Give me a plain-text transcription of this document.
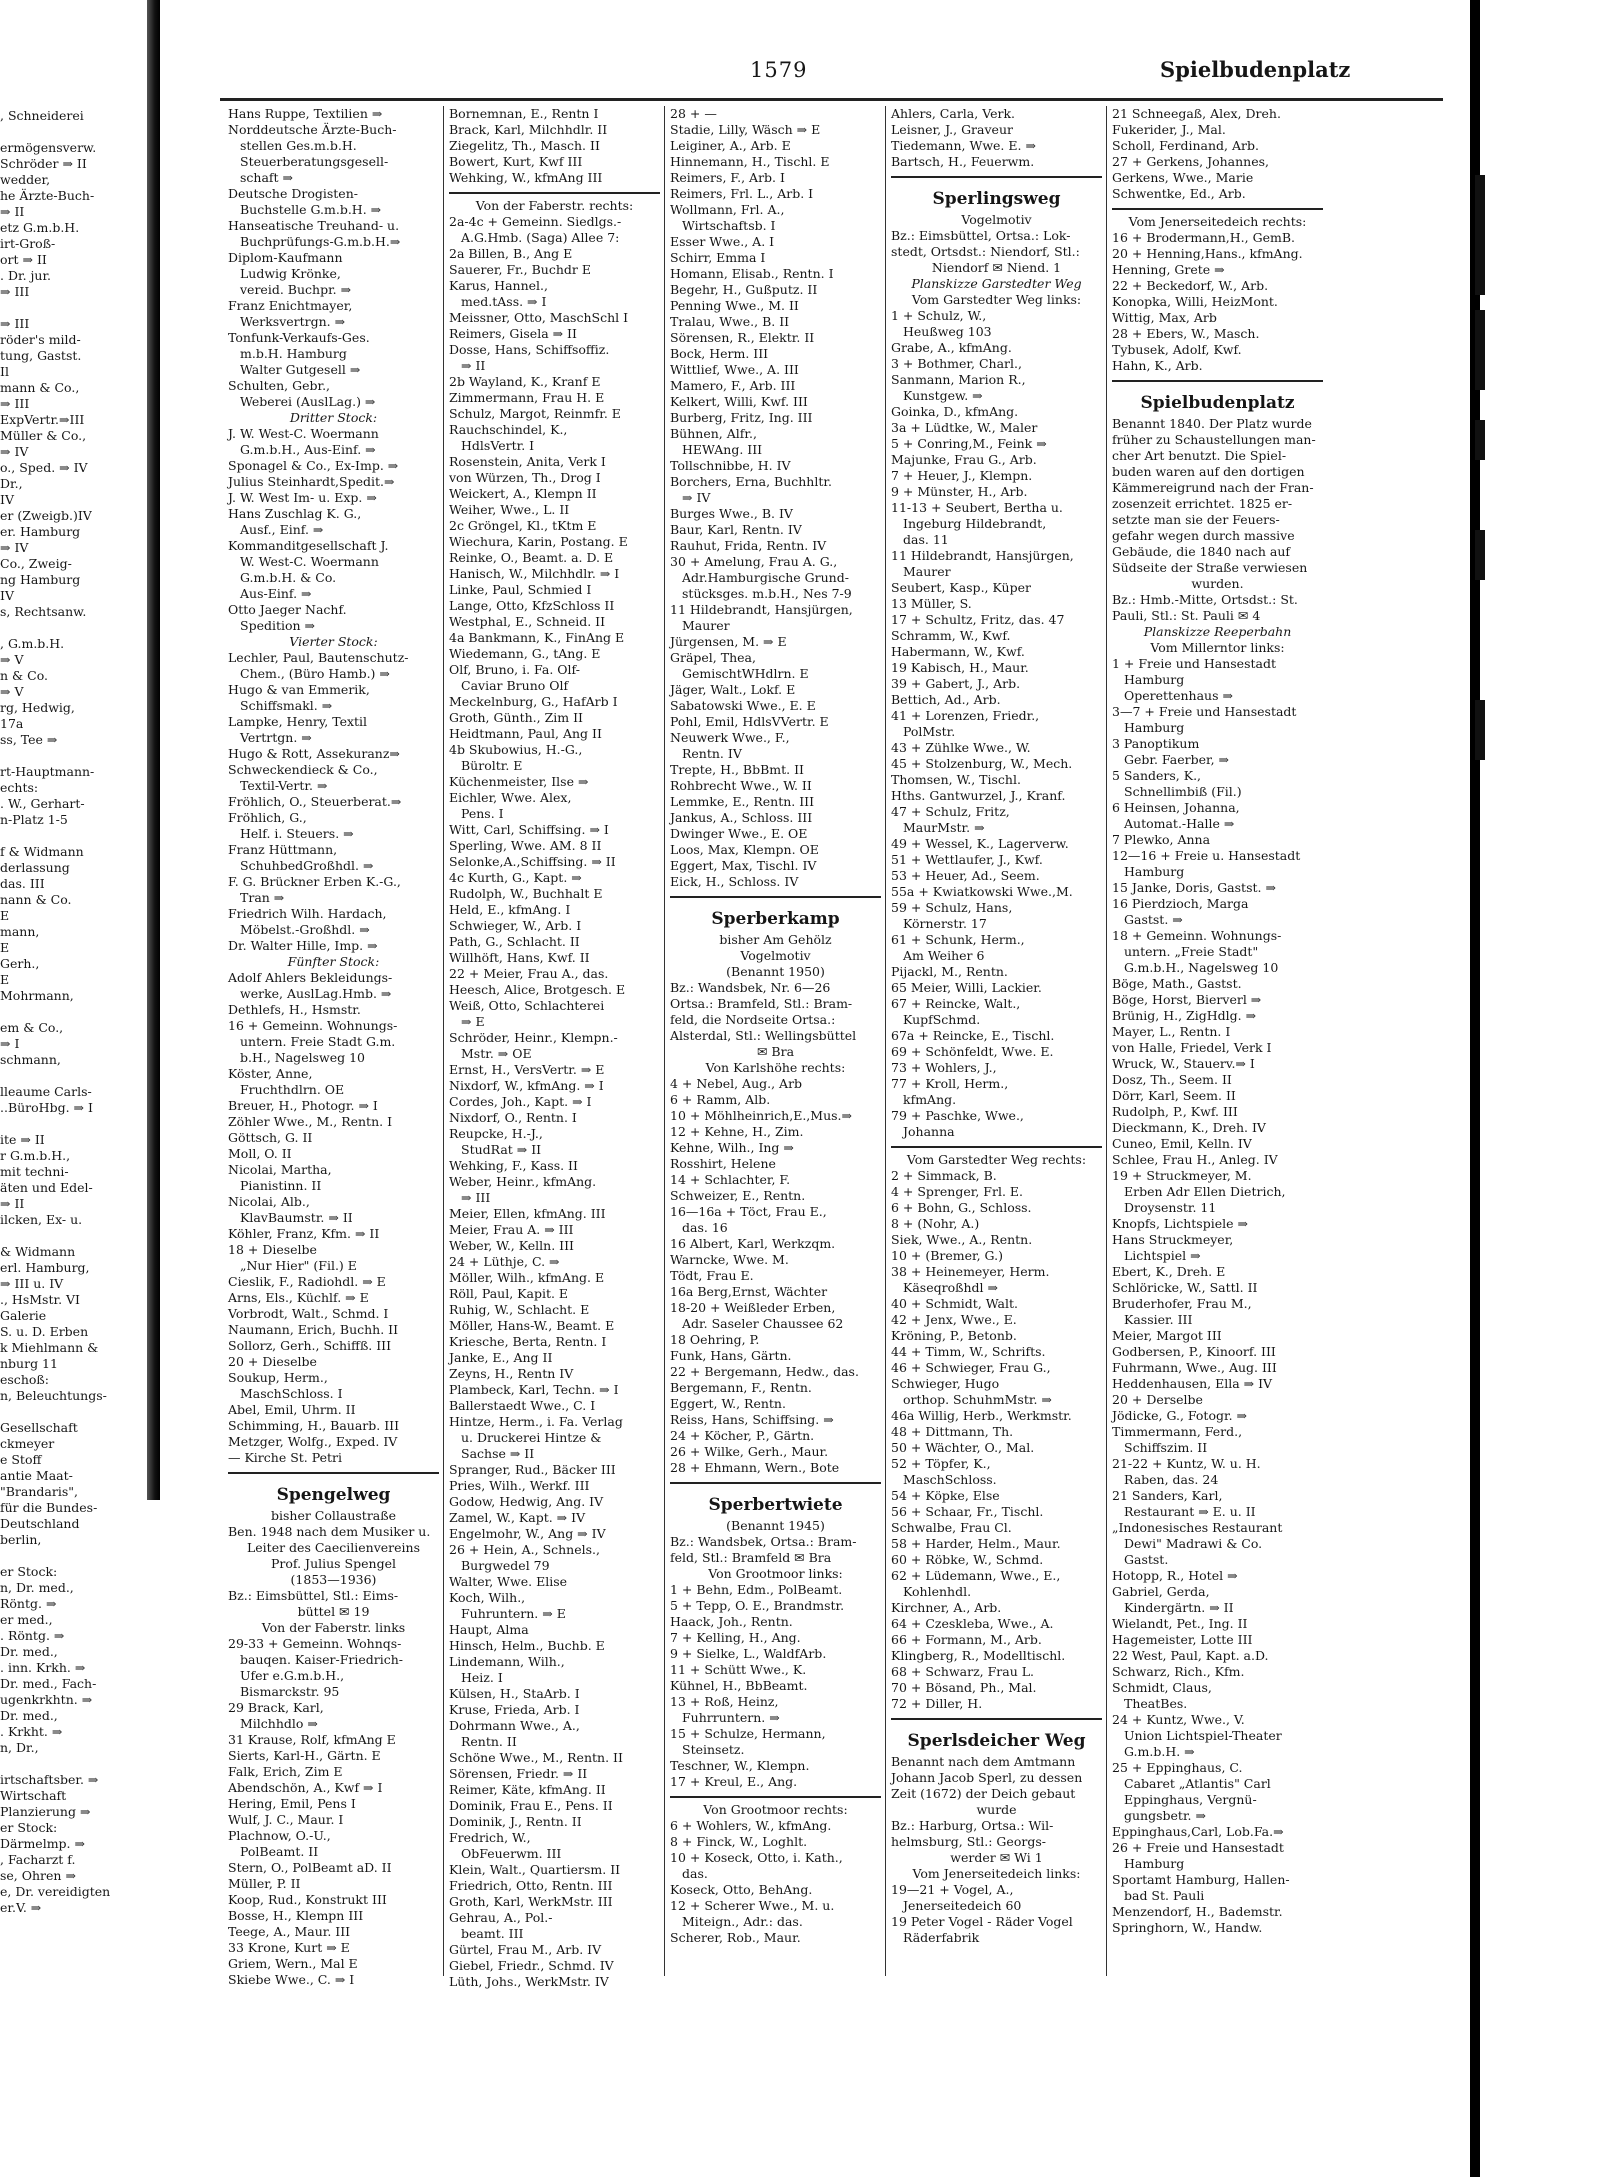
, Schneiderei
ermögensverw.
Schröder ⇒ II
wedder,
he Ärzte-Buch-
⇒ II
etz G.m.b.H.
irt-Groß-
ort ⇒ II
. Dr. jur.
⇒ III
⇒ III
röder's mild-
tung, Gastst.
Il
mann & Co.,
⇒ III
ExpVertr.⇒III
Müller & Co.,
⇒ IV
o., Sped. ⇒ IV
Dr.,
IV
er (Zweigb.)IV
er. Hamburg
⇒ IV
Co., Zweig-
ng Hamburg
IV
s, Rechtsanw.
, G.m.b.H.
⇒ V
n & Co.
⇒ V
rg, Hedwig,
17a
ss, Tee ⇒
rt-Hauptmann-
echts:
. W., Gerhart-
n-Platz 1-5
f & Widmann
derlassung
das. III
nann & Co.
E
mann,
E
Gerh.,
E
Mohrmann,
em & Co.,
⇒ I
schmann,
lleaume Carls-
..BüroHbg. ⇒ I
ite ⇒ II
r G.m.b.H.,
mit techni-
äten und Edel-
⇒ II
ilcken, Ex- u.
& Widmann
erl. Hamburg,
⇒ III u. IV
., HsMstr. VI
Galerie
S. u. D. Erben
k Miehlmann &
nburg 11
eschoß:
n, Beleuchtungs-
Gesellschaft
ckmeyer
e Stoff
antie Maat-
"Brandaris",
für die Bundes-
Deutschland
berlin,
er Stock:
n, Dr. med.,
Röntg. ⇒
er med.,
. Röntg. ⇒
Dr. med.,
. inn. Krkh. ⇒
Dr. med., Fach-
ugenkrkhtn. ⇒
Dr. med.,
. Krkht. ⇒
n, Dr.,
irtschaftsber. ⇒
Wirtschaft
Planzierung ⇒
er Stock:
Därmelmp. ⇒
, Facharzt f.
se, Ohren ⇒
e, Dr. vereidigten
er.V. ⇒
1579	Spielbudenplatz
Hans Ruppe, Textilien ⇒
Norddeutsche Ärzte-Buch-
stellen Ges.m.b.H.
Steuerberatungsgesell-
schaft ⇒
Deutsche Drogisten-
Buchstelle G.m.b.H. ⇒
Hanseatische Treuhand- u.
Buchprüfungs-G.m.b.H.⇒
Diplom-Kaufmann
Ludwig Krönke,
vereid. Buchpr. ⇒
Franz Enichtmayer,
Werksvertrgn. ⇒
Tonfunk-Verkaufs-Ges.
m.b.H. Hamburg
Walter Gutgesell ⇒
Schulten, Gebr.,
Weberei (AuslLag.) ⇒
Dritter Stock:
J. W. West-C. Woermann
G.m.b.H., Aus-Einf. ⇒
Sponagel & Co., Ex-Imp. ⇒
Julius Steinhardt,Spedit.⇒
J. W. West Im- u. Exp. ⇒
Hans Zuschlag K. G.,
Ausf., Einf. ⇒
Kommanditgesellschaft J.
W. West-C. Woermann
G.m.b.H. & Co.
Aus-Einf. ⇒
Otto Jaeger Nachf.
Spedition ⇒
Vierter Stock:
Lechler, Paul, Bautenschutz-
Chem., (Büro Hamb.) ⇒
Hugo & van Emmerik,
Schiffsmakl. ⇒
Lampke, Henry, Textil
Vertrtgn. ⇒
Hugo & Rott, Assekuranz⇒
Schweckendieck & Co.,
Textil-Vertr. ⇒
Fröhlich, O., Steuerberat.⇒
Fröhlich, G.,
Helf. i. Steuers. ⇒
Franz Hüttmann,
SchuhbedGroßhdl. ⇒
F. G. Brückner Erben K.-G.,
Tran ⇒
Friedrich Wilh. Hardach,
Möbelst.-Großhdl. ⇒
Dr. Walter Hille, Imp. ⇒
Fünfter Stock:
Adolf Ahlers Bekleidungs-
werke, AuslLag.Hmb. ⇒
Dethlefs, H., Hsmstr.
16 + Gemeinn. Wohnungs-
untern. Freie Stadt G.m.
b.H., Nagelsweg 10
Köster, Anne,
Fruchthdlrn. OE
Breuer, H., Photogr. ⇒ I
Zöhler Wwe., M., Rentn. I
Göttsch, G. II
Moll, O. II
Nicolai, Martha,
Pianistinn. II
Nicolai, Alb.,
KlavBaumstr. ⇒ II
Köhler, Franz, Kfm. ⇒ II
18 + Dieselbe
„Nur Hier" (Fil.) E
Cieslik, F., Radiohdl. ⇒ E
Arns, Els., Küchlf. ⇒ E
Vorbrodt, Walt., Schmd. I
Naumann, Erich, Buchh. II
Sollorz, Gerh., Schiffß. III
20 + Dieselbe
Soukup, Herm.,
MaschSchloss. I
Abel, Emil, Uhrm. II
Schimming, H., Bauarb. III
Metzger, Wolfg., Exped. IV
— Kirche St. Petri
Spengelweg
bisher Collaustraße
Ben. 1948 nach dem Musiker u.
Leiter des Caecilienvereins
Prof. Julius Spengel
(1853—1936)
Bz.: Eimsbüttel, Stl.: Eims-
büttel ✉ 19
Von der Faberstr. links
29-33 + Gemeinn. Wohnqs-
bauqen. Kaiser-Friedrich-
Ufer e.G.m.b.H.,
Bismarckstr. 95
29 Brack, Karl,
Milchhdlo ⇒
31 Krause, Rolf, kfmAng E
Sierts, Karl-H., Gärtn. E
Falk, Erich, Zim E
Abendschön, A., Kwf ⇒ I
Hering, Emil, Pens I
Wulf, J. C., Maur. I
Plachnow, O.-U.,
PolBeamt. II
Stern, O., PolBeamt aD. II
Müller, P. II
Koop, Rud., Konstrukt III
Bosse, H., Klempn III
Teege, A., Maur. III
33 Krone, Kurt ⇒ E
Griem, Wern., Mal E
Skiebe Wwe., C. ⇒ I
Bornemnan, E., Rentn I
Brack, Karl, Milchhdlr. II
Ziegelitz, Th., Masch. II
Bowert, Kurt, Kwf III
Wehking, W., kfmAng III
Von der Faberstr. rechts:
2a-4c + Gemeinn. Siedlgs.-
A.G.Hmb. (Saga) Allee 7:
2a Billen, B., Ang E
Sauerer, Fr., Buchdr E
Karus, Hannel.,
med.tAss. ⇒ I
Meissner, Otto, MaschSchl I
Reimers, Gisela ⇒ II
Dosse, Hans, Schiffsoffiz.
⇒ II
2b Wayland, K., Kranf E
Zimmermann, Frau H. E
Schulz, Margot, Reinmfr. E
Rauchschindel, K.,
HdlsVertr. I
Rosenstein, Anita, Verk I
von Würzen, Th., Drog I
Weickert, A., Klempn II
Weiher, Wwe., L. II
2c Gröngel, Kl., tKtm E
Wiechura, Karin, Postang. E
Reinke, O., Beamt. a. D. E
Hanisch, W., Milchhdlr. ⇒ I
Linke, Paul, Schmied I
Lange, Otto, KfzSchloss II
Westphal, E., Schneid. II
4a Bankmann, K., FinAng E
Wiedemann, G., tAng. E
Olf, Bruno, i. Fa. Olf-
Caviar Bruno Olf
Meckelnburg, G., HafArb I
Groth, Günth., Zim II
Heidtmann, Paul, Ang II
4b Skubowius, H.-G.,
Büroltr. E
Küchenmeister, Ilse ⇒
Eichler, Wwe. Alex,
Pens. I
Witt, Carl, Schiffsing. ⇒ I
Sperling, Wwe. AM. 8 II
Selonke,A.,Schiffsing. ⇒ II
4c Kurth, G., Kapt. ⇒
Rudolph, W., Buchhalt E
Held, E., kfmAng. I
Schwieger, W., Arb. I
Path, G., Schlacht. II
Willhöft, Hans, Kwf. II
22 + Meier, Frau A., das.
Heesch, Alice, Brotgesch. E
Weiß, Otto, Schlachterei
⇒ E
Schröder, Heinr., Klempn.-
Mstr. ⇒ OE
Ernst, H., VersVertr. ⇒ E
Nixdorf, W., kfmAng. ⇒ I
Cordes, Joh., Kapt. ⇒ I
Nixdorf, O., Rentn. I
Reupcke, H.-J.,
StudRat ⇒ II
Wehking, F., Kass. II
Weber, Heinr., kfmAng.
⇒ III
Meier, Ellen, kfmAng. III
Meier, Frau A. ⇒ III
Weber, W., Kelln. III
24 + Lüthje, C. ⇒
Möller, Wilh., kfmAng. E
Röll, Paul, Kapit. E
Ruhig, W., Schlacht. E
Möller, Hans-W., Beamt. E
Kriesche, Berta, Rentn. I
Janke, E., Ang II
Zeyns, H., Rentn IV
Plambeck, Karl, Techn. ⇒ I
Ballerstaedt Wwe., C. I
Hintze, Herm., i. Fa. Verlag
u. Druckerei Hintze &
Sachse ⇒ II
Spranger, Rud., Bäcker III
Pries, Wilh., Werkf. III
Godow, Hedwig, Ang. IV
Zamel, W., Kapt. ⇒ IV
Engelmohr, W., Ang ⇒ IV
26 + Hein, A., Schnels.,
Burgwedel 79
Walter, Wwe. Elise
Koch, Wilh.,
Fuhruntern. ⇒ E
Haupt, Alma
Hinsch, Helm., Buchb. E
Lindemann, Wilh.,
Heiz. I
Külsen, H., StaArb. I
Kruse, Frieda, Arb. I
Dohrmann Wwe., A.,
Rentn. II
Schöne Wwe., M., Rentn. II
Sörensen, Friedr. ⇒ II
Reimer, Käte, kfmAng. II
Dominik, Frau E., Pens. II
Dominik, J., Rentn. II
Fredrich, W.,
ObFeuerwm. III
Klein, Walt., Quartiersm. II
Friedrich, Otto, Rentn. III
Groth, Karl, WerkMstr. III
Gehrau, A., Pol.-
beamt. III
Gürtel, Frau M., Arb. IV
Giebel, Friedr., Schmd. IV
Lüth, Johs., WerkMstr. IV
28 + —
Stadie, Lilly, Wäsch ⇒ E
Leiginer, A., Arb. E
Hinnemann, H., Tischl. E
Reimers, F., Arb. I
Reimers, Frl. L., Arb. I
Wollmann, Frl. A.,
Wirtschaftsb. I
Esser Wwe., A. I
Schirr, Emma I
Homann, Elisab., Rentn. I
Begehr, H., Gußputz. II
Penning Wwe., M. II
Tralau, Wwe., B. II
Sörensen, R., Elektr. II
Bock, Herm. III
Wittlief, Wwe., A. III
Mamero, F., Arb. III
Kelkert, Willi, Kwf. III
Burberg, Fritz, Ing. III
Bühnen, Alfr.,
HEWAng. III
Tollschnibbe, H. IV
Borchers, Erna, Buchhltr.
⇒ IV
Burges Wwe., B. IV
Baur, Karl, Rentn. IV
Rauhut, Frida, Rentn. IV
30 + Amelung, Frau A. G.,
Adr.Hamburgische Grund-
stücksges. m.b.H., Nes 7-9
11 Hildebrandt, Hansjürgen,
Maurer
Jürgensen, M. ⇒ E
Gräpel, Thea,
GemischtWHdlrn. E
Jäger, Walt., Lokf. E
Sabatowski Wwe., E. E
Pohl, Emil, HdlsVVertr. E
Neuwerk Wwe., F.,
Rentn. IV
Trepte, H., BbBmt. II
Rohbrecht Wwe., W. II
Lemmke, E., Rentn. III
Jankus, A., Schloss. III
Dwinger Wwe., E. OE
Loos, Max, Klempn. OE
Eggert, Max, Tischl. IV
Eick, H., Schloss. IV
Sperberkamp
bisher Am Gehölz
Vogelmotiv
(Benannt 1950)
Bz.: Wandsbek, Nr. 6—26
Ortsa.: Bramfeld, Stl.: Bram-
feld, die Nordseite Ortsa.:
Alsterdal, Stl.: Wellingsbüttel
✉ Bra
Von Karlshöhe rechts:
4 + Nebel, Aug., Arb
6 + Ramm, Alb.
10 + Möhlheinrich,E.,Mus.⇒
12 + Kehne, H., Zim.
Kehne, Wilh., Ing ⇒
Rosshirt, Helene
14 + Schlachter, F.
Schweizer, E., Rentn.
16—16a + Töct, Frau E.,
das. 16
16 Albert, Karl, Werkzqm.
Warncke, Wwe. M.
Tödt, Frau E.
16a Berg,Ernst, Wächter
18-20 + Weißleder Erben,
Adr. Saseler Chaussee 62
18 Oehring, P.
Funk, Hans, Gärtn.
22 + Bergemann, Hedw., das.
Bergemann, F., Rentn.
Eggert, W., Rentn.
Reiss, Hans, Schiffsing. ⇒
24 + Köcher, P., Gärtn.
26 + Wilke, Gerh., Maur.
28 + Ehmann, Wern., Bote
Sperbertwiete
(Benannt 1945)
Bz.: Wandsbek, Ortsa.: Bram-
feld, Stl.: Bramfeld ✉ Bra
Von Grootmoor links:
1 + Behn, Edm., PolBeamt.
5 + Tepp, O. E., Brandmstr.
Haack, Joh., Rentn.
7 + Kelling, H., Ang.
9 + Sielke, L., WaldfArb.
11 + Schütt Wwe., K.
Kühnel, H., BbBeamt.
13 + Roß, Heinz,
Fuhrruntern. ⇒
15 + Schulze, Hermann,
Steinsetz.
Teschner, W., Klempn.
17 + Kreul, E., Ang.
Von Grootmoor rechts:
6 + Wohlers, W., kfmAng.
8 + Finck, W., Loghlt.
10 + Koseck, Otto, i. Kath.,
das.
Koseck, Otto, BehAng.
12 + Scherer Wwe., M. u.
Miteign., Adr.: das.
Scherer, Rob., Maur.
Ahlers, Carla, Verk.
Leisner, J., Graveur
Tiedemann, Wwe. E. ⇒
Bartsch, H., Feuerwm.
Sperlingsweg
Vogelmotiv
Bz.: Eimsbüttel, Ortsa.: Lok-
stedt, Ortsdst.: Niendorf, Stl.:
Niendorf ✉ Niend. 1
Planskizze Garstedter Weg
Vom Garstedter Weg links:
1 + Schulz, W.,
Heußweg 103
Grabe, A., kfmAng.
3 + Bothmer, Charl.,
Sanmann, Marion R.,
Kunstgew. ⇒
Goinka, D., kfmAng.
3a + Lüdtke, W., Maler
5 + Conring,M., Feink ⇒
Majunke, Frau G., Arb.
7 + Heuer, J., Klempn.
9 + Münster, H., Arb.
11-13 + Seubert, Bertha u.
Ingeburg Hildebrandt,
das. 11
11 Hildebrandt, Hansjürgen,
Maurer
Seubert, Kasp., Küper
13 Müller, S.
17 + Schultz, Fritz, das. 47
Schramm, W., Kwf.
Habermann, W., Kwf.
19 Kabisch, H., Maur.
39 + Gabert, J., Arb.
Bettich, Ad., Arb.
41 + Lorenzen, Friedr.,
PolMstr.
43 + Zühlke Wwe., W.
45 + Stolzenburg, W., Mech.
Thomsen, W., Tischl.
Hths. Gantwurzel, J., Kranf.
47 + Schulz, Fritz,
MaurMstr. ⇒
49 + Wessel, K., Lagerverw.
51 + Wettlaufer, J., Kwf.
53 + Heuer, Ad., Seem.
55a + Kwiatkowski Wwe.,M.
59 + Schulz, Hans,
Körnerstr. 17
61 + Schunk, Herm.,
Am Weiher 6
Pijackl, M., Rentn.
65 Meier, Willi, Lackier.
67 + Reincke, Walt.,
KupfSchmd.
67a + Reincke, E., Tischl.
69 + Schönfeldt, Wwe. E.
73 + Wohlers, J.,
77 + Kroll, Herm.,
kfmAng.
79 + Paschke, Wwe.,
Johanna
Vom Garstedter Weg rechts:
2 + Simmack, B.
4 + Sprenger, Frl. E.
6 + Bohn, G., Schloss.
8 + (Nohr, A.)
Siek, Wwe., A., Rentn.
10 + (Bremer, G.)
38 + Heinemeyer, Herm.
Käseqroßhdl ⇒
40 + Schmidt, Walt.
42 + Jenx, Wwe., E.
Kröning, P., Betonb.
44 + Timm, W., Schrifts.
46 + Schwieger, Frau G.,
Schwieger, Hugo
orthop. SchuhmMstr. ⇒
46a Willig, Herb., Werkmstr.
48 + Dittmann, Th.
50 + Wächter, O., Mal.
52 + Töpfer, K.,
MaschSchloss.
54 + Köpke, Else
56 + Schaar, Fr., Tischl.
Schwalbe, Frau Cl.
58 + Harder, Helm., Maur.
60 + Röbke, W., Schmd.
62 + Lüdemann, Wwe., E.,
Kohlenhdl.
Kirchner, A., Arb.
64 + Czeskleba, Wwe., A.
66 + Formann, M., Arb.
Klingberg, R., Modelltischl.
68 + Schwarz, Frau L.
70 + Bösand, Ph., Mal.
72 + Diller, H.
Sperlsdeicher Weg
Benannt nach dem Amtmann
Johann Jacob Sperl, zu dessen
Zeit (1672) der Deich gebaut
wurde
Bz.: Harburg, Ortsa.: Wil-
helmsburg, Stl.: Georgs-
werder ✉ Wi 1
Vom Jenerseitedeich links:
19—21 + Vogel, A.,
Jenerseitedeich 60
19 Peter Vogel - Räder Vogel
Räderfabrik
21 Schneegaß, Alex, Dreh.
Fukerider, J., Mal.
Scholl, Ferdinand, Arb.
27 + Gerkens, Johannes,
Gerkens, Wwe., Marie
Schwentke, Ed., Arb.
Vom Jenerseitedeich rechts:
16 + Brodermann,H., GemB.
20 + Henning,Hans., kfmAng.
Henning, Grete ⇒
22 + Beckedorf, W., Arb.
Konopka, Willi, HeizMont.
Wittig, Max, Arb
28 + Ebers, W., Masch.
Tybusek, Adolf, Kwf.
Hahn, K., Arb.
Spielbudenplatz
Benannt 1840. Der Platz wurde
früher zu Schaustellungen man-
cher Art benutzt. Die Spiel-
buden waren auf den dortigen
Kämmereigrund nach der Fran-
zosenzeit errichtet. 1825 er-
setzte man sie der Feuers-
gefahr wegen durch massive
Gebäude, die 1840 nach auf
Südseite der Straße verwiesen
wurden.
Bz.: Hmb.-Mitte, Ortsdst.: St.
Pauli, Stl.: St. Pauli ✉ 4
Planskizze Reeperbahn
Vom Millerntor links:
1 + Freie und Hansestadt
Hamburg
Operettenhaus ⇒
3—7 + Freie und Hansestadt
Hamburg
3 Panoptikum
Gebr. Faerber, ⇒
5 Sanders, K.,
Schnellimbiß (Fil.)
6 Heinsen, Johanna,
Automat.-Halle ⇒
7 Plewko, Anna
12—16 + Freie u. Hansestadt
Hamburg
15 Janke, Doris, Gastst. ⇒
16 Pierdzioch, Marga
Gastst. ⇒
18 + Gemeinn. Wohnungs-
untern. „Freie Stadt"
G.m.b.H., Nagelsweg 10
Böge, Math., Gastst.
Böge, Horst, Bierverl ⇒
Brünig, H., ZigHdlg. ⇒
Mayer, L., Rentn. I
von Halle, Friedel, Verk I
Wruck, W., Stauerv.⇒ I
Dosz, Th., Seem. II
Dörr, Karl, Seem. II
Rudolph, P., Kwf. III
Dieckmann, K., Dreh. IV
Cuneo, Emil, Kelln. IV
Schlee, Frau H., Anleg. IV
19 + Struckmeyer, M.
Erben Adr Ellen Dietrich,
Droysenstr. 11
Knopfs, Lichtspiele ⇒
Hans Struckmeyer,
Lichtspiel ⇒
Ebert, K., Dreh. E
Schlöricke, W., Sattl. II
Bruderhofer, Frau M.,
Kassier. III
Meier, Margot III
Godbersen, P., Kinoorf. III
Fuhrmann, Wwe., Aug. III
Heddenhausen, Ella ⇒ IV
20 + Derselbe
Jödicke, G., Fotogr. ⇒
Timmermann, Ferd.,
Schiffszim. II
21-22 + Kuntz, W. u. H.
Raben, das. 24
21 Sanders, Karl,
Restaurant ⇒ E. u. II
„Indonesisches Restaurant
Dewi" Madrawi & Co.
Gastst.
Hotopp, R., Hotel ⇒
Gabriel, Gerda,
Kindergärtn. ⇒ II
Wielandt, Pet., Ing. II
Hagemeister, Lotte III
22 West, Paul, Kapt. a.D.
Schwarz, Rich., Kfm.
Schmidt, Claus,
TheatBes.
24 + Kuntz, Wwe., V.
Union Lichtspiel-Theater
G.m.b.H. ⇒
25 + Eppinghaus, C.
Cabaret „Atlantis" Carl
Eppinghaus, Vergnü-
gungsbetr. ⇒
Eppinghaus,Carl, Lob.Fa.⇒
26 + Freie und Hansestadt
Hamburg
Sportamt Hamburg, Hallen-
bad St. Pauli
Menzendorf, H., Bademstr.
Springhorn, W., Handw.
